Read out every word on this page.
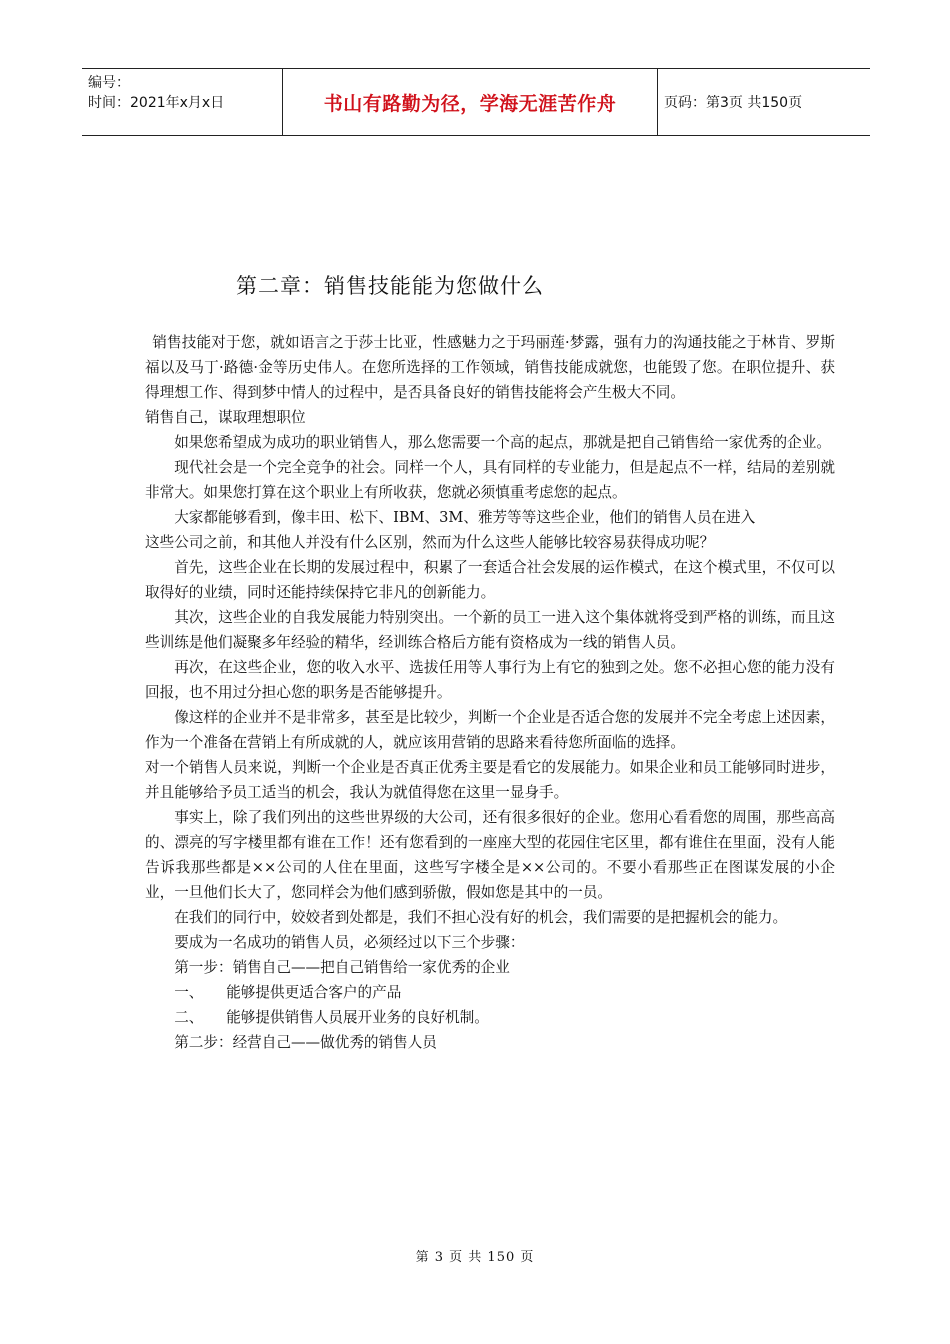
编号：
时间：2021年x月x日	书山有路勤为径，学海无涯苦作舟	页码：第3页 共150页
第二章：销售技能能为您做什么

销售技能对于您，就如语言之于莎士比亚，性感魅力之于玛丽莲·梦露，强有力的沟通技能之于林肯、罗斯福以及马丁·路德·金等历史伟人。在您所选择的工作领域，销售技能成就您，也能毁了您。在职位提升、获得理想工作、得到梦中情人的过程中，是否具备良好的销售技能将会产生极大不同。

销售自己，谋取理想职位

如果您希望成为成功的职业销售人，那么您需要一个高的起点，那就是把自己销售给一家优秀的企业。

现代社会是一个完全竞争的社会。同样一个人，具有同样的专业能力，但是起点不一样，结局的差别就非常大。如果您打算在这个职业上有所收获，您就必须慎重考虑您的起点。

大家都能够看到，像丰田、松下、IBM、3M、雅芳等等这些企业，他们的销售人员在进入

这些公司之前，和其他人并没有什么区别，然而为什么这些人能够比较容易获得成功呢？

首先，这些企业在长期的发展过程中，积累了一套适合社会发展的运作模式，在这个模式里，不仅可以取得好的业绩，同时还能持续保持它非凡的创新能力。

其次，这些企业的自我发展能力特别突出。一个新的员工一进入这个集体就将受到严格的训练，而且这些训练是他们凝聚多年经验的精华，经训练合格后方能有资格成为一线的销售人员。

再次，在这些企业，您的收入水平、选拔任用等人事行为上有它的独到之处。您不必担心您的能力没有回报，也不用过分担心您的职务是否能够提升。

像这样的企业并不是非常多，甚至是比较少，判断一个企业是否适合您的发展并不完全考虑上述因素，作为一个准备在营销上有所成就的人，就应该用营销的思路来看待您所面临的选择。

对一个销售人员来说，判断一个企业是否真正优秀主要是看它的发展能力。如果企业和员工能够同时进步，并且能够给予员工适当的机会，我认为就值得您在这里一显身手。

事实上，除了我们列出的这些世界级的大公司，还有很多很好的企业。您用心看看您的周围，那些高高的、漂亮的写字楼里都有谁在工作！还有您看到的一座座大型的花园住宅区里，都有谁住在里面，没有人能告诉我那些都是××公司的人住在里面，这些写字楼全是××公司的。不要小看那些正在图谋发展的小企业，一旦他们长大了，您同样会为他们感到骄傲，假如您是其中的一员。

在我们的同行中，姣姣者到处都是，我们不担心没有好的机会，我们需要的是把握机会的能力。

要成为一名成功的销售人员，必须经过以下三个步骤：

第一步：销售自己——把自己销售给一家优秀的企业

一、	能够提供更适合客户的产品
二、	能够提供销售人员展开业务的良好机制。

第二步：经营自己——做优秀的销售人员

第 3 页 共 150 页
